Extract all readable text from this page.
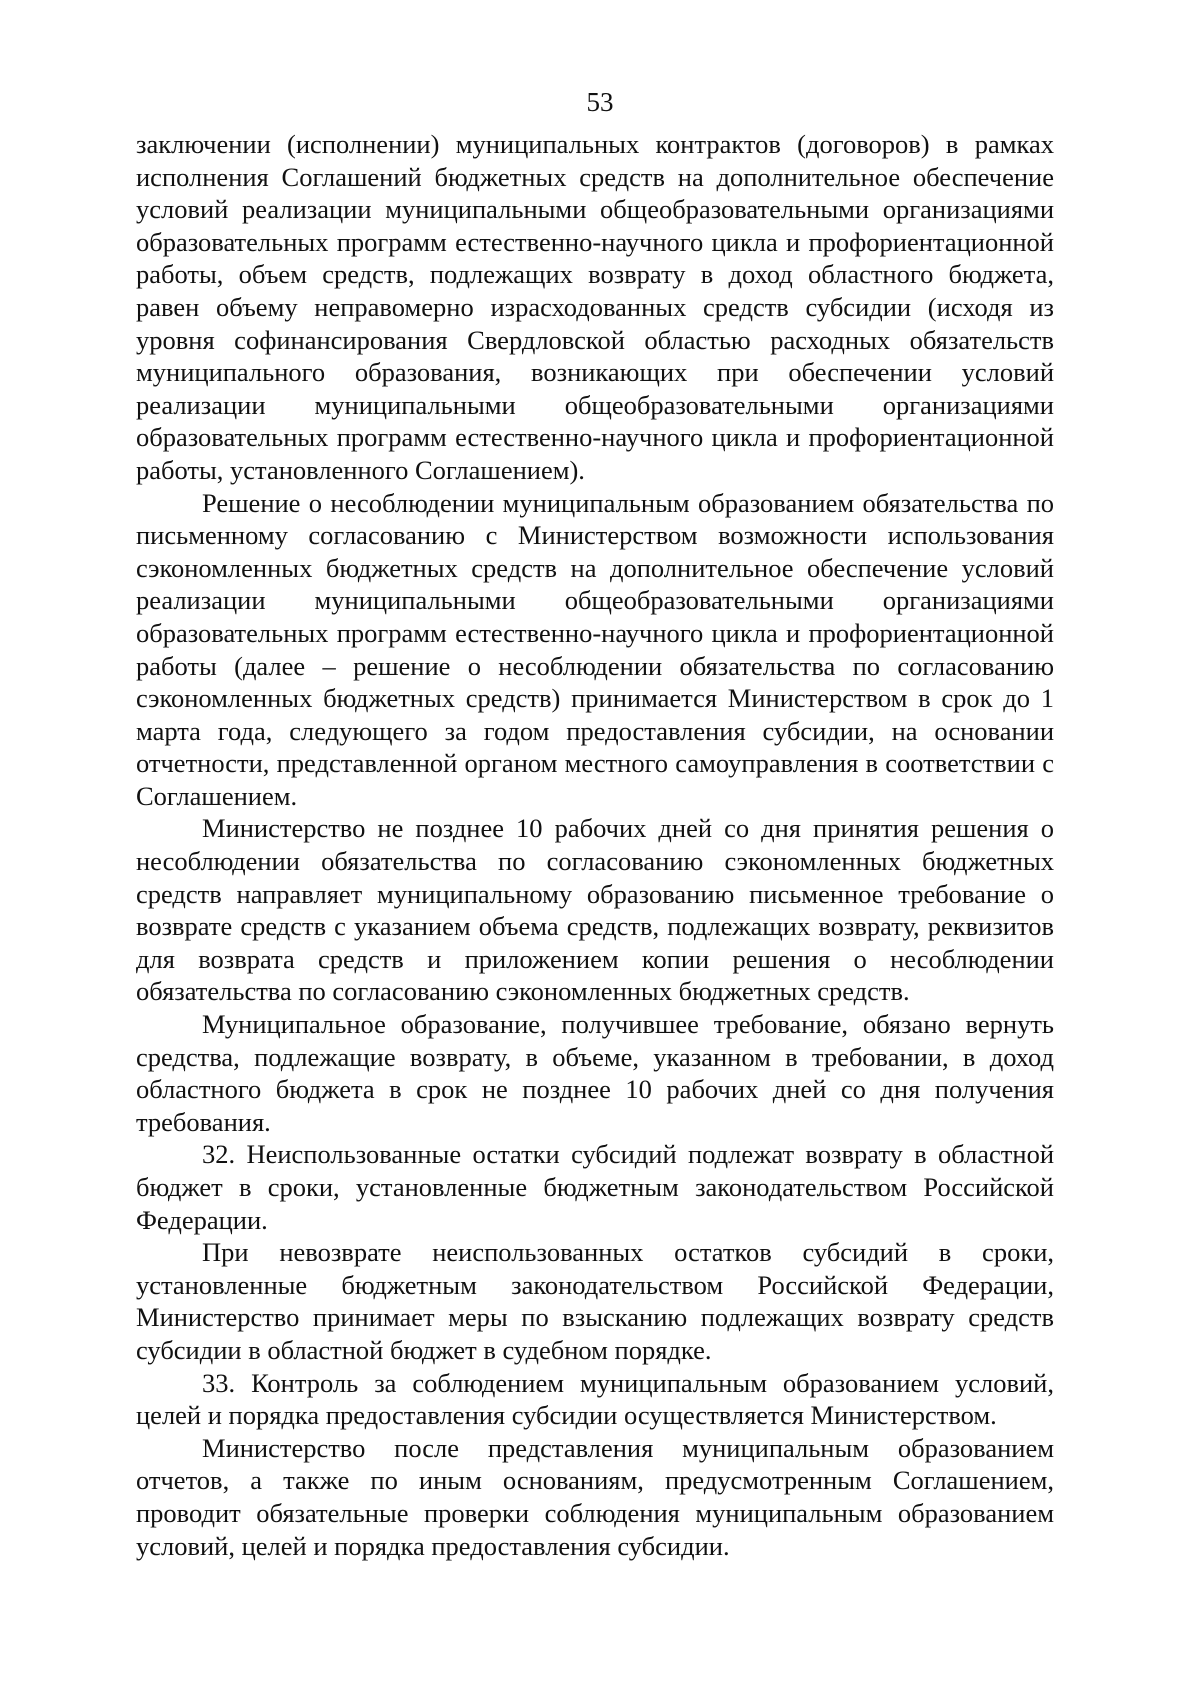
53

заключении (исполнении) муниципальных контрактов (договоров) в рамках исполнения Соглашений бюджетных средств на дополнительное обеспечение условий реализации муниципальными общеобразовательными организациями образовательных программ естественно-научного цикла и профориентационной работы, объем средств, подлежащих возврату в доход областного бюджета, равен объему неправомерно израсходованных средств субсидии (исходя из уровня софинансирования Свердловской областью расходных обязательств муниципального образования, возникающих при обеспечении условий реализации муниципальными общеобразовательными организациями образовательных программ естественно-научного цикла и профориентационной работы, установленного Соглашением).

Решение о несоблюдении муниципальным образованием обязательства по письменному согласованию с Министерством возможности использования сэкономленных бюджетных средств на дополнительное обеспечение условий реализации муниципальными общеобразовательными организациями образовательных программ естественно-научного цикла и профориентационной работы (далее – решение о несоблюдении обязательства по согласованию сэкономленных бюджетных средств) принимается Министерством в срок до 1 марта года, следующего за годом предоставления субсидии, на основании отчетности, представленной органом местного самоуправления в соответствии с Соглашением.

Министерство не позднее 10 рабочих дней со дня принятия решения о несоблюдении обязательства по согласованию сэкономленных бюджетных средств направляет муниципальному образованию письменное требование о возврате средств с указанием объема средств, подлежащих возврату, реквизитов для возврата средств и приложением копии решения о несоблюдении обязательства по согласованию сэкономленных бюджетных средств.

Муниципальное образование, получившее требование, обязано вернуть средства, подлежащие возврату, в объеме, указанном в требовании, в доход областного бюджета в срок не позднее 10 рабочих дней со дня получения требования.

32. Неиспользованные остатки субсидий подлежат возврату в областной бюджет в сроки, установленные бюджетным законодательством Российской Федерации.

При невозврате неиспользованных остатков субсидий в сроки, установленные бюджетным законодательством Российской Федерации, Министерство принимает меры по взысканию подлежащих возврату средств субсидии в областной бюджет в судебном порядке.

33. Контроль за соблюдением муниципальным образованием условий, целей и порядка предоставления субсидии осуществляется Министерством.

Министерство после представления муниципальным образованием отчетов, а также по иным основаниям, предусмотренным Соглашением, проводит обязательные проверки соблюдения муниципальным образованием условий, целей и порядка предоставления субсидии.
